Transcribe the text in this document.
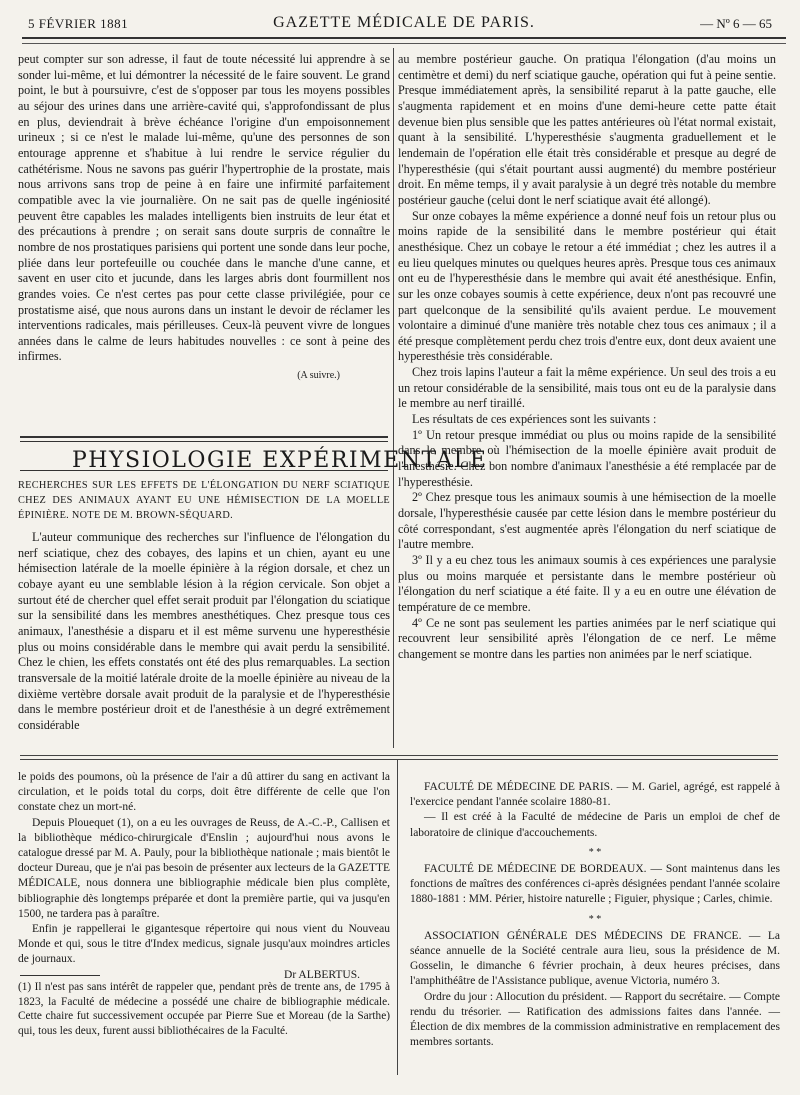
5 FÉVRIER 1881	GAZETTE MÉDICALE DE PARIS.	— Nº 6 — 65

peut compter sur son adresse, il faut de toute nécessité lui apprendre à se sonder lui-même, et lui démontrer la nécessité de le faire souvent. Le grand point, le but à poursuivre, c'est de s'opposer par tous les moyens possibles au séjour des urines dans une arrière-cavité qui, s'approfondissant de plus en plus, deviendrait à brève échéance l'origine d'un empoisonnement urineux ; si ce n'est le malade lui-même, qu'une des personnes de son entourage apprenne et s'habitue à lui rendre le service régulier du cathétérisme. Nous ne savons pas guérir l'hypertrophie de la prostate, mais nous arrivons sans trop de peine à en faire une infirmité parfaitement compatible avec la vie journalière. On ne sait pas de quelle ingéniosité peuvent être capables les malades intelligents bien instruits de leur état et des précautions à prendre ; on serait sans doute surpris de connaître le nombre de nos prostatiques parisiens qui portent une sonde dans leur poche, pliée dans leur portefeuille ou couchée dans le manche d'une canne, et savent en user cito et jucunde, dans les larges abris dont fourmillent nos grandes voies. Ce n'est certes pas pour cette classe privilégiée, pour ce prostatisme aisé, que nous aurons dans un instant le devoir de réclamer les interventions radicales, mais périlleuses. Ceux-là peuvent vivre de longues années dans le calme de leurs habitudes nouvelles : ce sont à peine des infirmes.

(A suivre.)

PHYSIOLOGIE EXPÉRIMENTALE
RECHERCHES SUR LES EFFETS DE L'ÉLONGATION DU NERF SCIATIQUE CHEZ DES ANIMAUX AYANT EU UNE HÉMISECTION DE LA MOELLE ÉPINIÈRE. NOTE DE M. BROWN-SÉQUARD.

L'auteur communique des recherches sur l'influence de l'élongation du nerf sciatique, chez des cobayes, des lapins et un chien, ayant eu une hémisection latérale de la moelle épinière à la région dorsale, et chez un cobaye ayant eu une semblable lésion à la région cervicale. Son objet a surtout été de chercher quel effet serait produit par l'élongation du sciatique sur la sensibilité dans les membres anesthétiques. Chez presque tous ces animaux, l'anesthésie a disparu et il est même survenu une hyperesthésie plus ou moins considérable dans le membre qui avait perdu la sensibilité. Chez le chien, les effets constatés ont été des plus remarquables. La section transversale de la moitié latérale droite de la moelle épinière au niveau de la dixième vertèbre dorsale avait produit de la paralysie et de l'hyperesthésie dans le membre postérieur droit et de l'anesthésie à un degré extrêmement considérable

au membre postérieur gauche. On pratiqua l'élongation (d'au moins un centimètre et demi) du nerf sciatique gauche, opération qui fut à peine sentie. Presque immédiatement après, la sensibilité reparut à la patte gauche, elle s'augmenta rapidement et en moins d'une demi-heure cette patte était devenue bien plus sensible que les pattes antérieures où l'état normal existait, quant à la sensibilité. L'hyperesthésie s'augmenta graduellement et le lendemain de l'opération elle était très considérable et presque au degré de l'hyperesthésie (qui s'était pourtant aussi augmenté) du membre postérieur droit. En même temps, il y avait paralysie à un degré très notable du membre postérieur gauche (celui dont le nerf sciatique avait été allongé).

Sur onze cobayes la même expérience a donné neuf fois un retour plus ou moins rapide de la sensibilité dans le membre postérieur qui était anesthésique. Chez un cobaye le retour a été immédiat ; chez les autres il a eu lieu quelques minutes ou quelques heures après. Presque tous ces animaux ont eu de l'hyperesthésie dans le membre qui avait été anesthésique. Enfin, sur les onze cobayes soumis à cette expérience, deux n'ont pas recouvré une part quelconque de la sensibilité qu'ils avaient perdue. Le mouvement volontaire a diminué d'une manière très notable chez tous ces animaux ; il a été presque complètement perdu chez trois d'entre eux, dont deux avaient une hyperesthésie très considérable.

Chez trois lapins l'auteur a fait la même expérience. Un seul des trois a eu un retour considérable de la sensibilité, mais tous ont eu de la paralysie dans le membre au nerf tiraillé.

Les résultats de ces expériences sont les suivants :

1º Un retour presque immédiat ou plus ou moins rapide de la sensibilité dans le membre où l'hémisection de la moelle épinière avait produit de l'anesthésie. Chez bon nombre d'animaux l'anesthésie a été remplacée par de l'hyperesthésie.

2º Chez presque tous les animaux soumis à une hémisection de la moelle dorsale, l'hyperesthésie causée par cette lésion dans le membre postérieur du côté correspondant, s'est augmentée après l'élongation du nerf sciatique de l'autre membre.

3º Il y a eu chez tous les animaux soumis à ces expériences une paralysie plus ou moins marquée et persistante dans le membre postérieur où l'élongation du nerf sciatique a été faite. Il y a eu en outre une élévation de température de ce membre.

4º Ce ne sont pas seulement les parties animées par le nerf sciatique qui recouvrent leur sensibilité après l'élongation de ce nerf. Le même changement se montre dans les parties non animées par le nerf sciatique.

le poids des poumons, où la présence de l'air a dû attirer du sang en activant la circulation, et le poids total du corps, doit être différente de celle que l'on constate chez un mort-né.

Depuis Plouequet (1), on a eu les ouvrages de Reuss, de A.-C.-P., Callisen et la bibliothèque médico-chirurgicale d'Enslin ; aujourd'hui nous avons le catalogue dressé par M. A. Pauly, pour la bibliothèque nationale ; mais bientôt le docteur Dureau, que je n'ai pas besoin de présenter aux lecteurs de la GAZETTE MÉDICALE, nous donnera une bibliographie médicale bien plus complète, bibliographie dès longtemps préparée et dont la première partie, qui va jusqu'en 1500, ne tardera pas à paraître.

Enfin je rappellerai le gigantesque répertoire qui nous vient du Nouveau Monde et qui, sous le titre d'Index medicus, signale jusqu'aux moindres articles de journaux.

Dr ALBERTUS.

(1) Il n'est pas sans intérêt de rappeler que, pendant près de trente ans, de 1795 à 1823, la Faculté de médecine a possédé une chaire de bibliographie médicale. Cette chaire fut successivement occupée par Pierre Sue et Moreau (de la Sarthe) qui, tous les deux, furent aussi bibliothécaires de la Faculté.

FACULTÉ DE MÉDECINE DE PARIS. — M. Gariel, agrégé, est rappelé à l'exercice pendant l'année scolaire 1880-81.

— Il est créé à la Faculté de médecine de Paris un emploi de chef de laboratoire de clinique d'accouchements.

* *

FACULTÉ DE MÉDECINE DE BORDEAUX. — Sont maintenus dans les fonctions de maîtres des conférences ci-après désignées pendant l'année scolaire 1880-1881 : MM. Périer, histoire naturelle ; Figuier, physique ; Carles, chimie.

* *

ASSOCIATION GÉNÉRALE DES MÉDECINS DE FRANCE. — La séance annuelle de la Société centrale aura lieu, sous la présidence de M. Gosselin, le dimanche 6 février prochain, à deux heures précises, dans l'amphithéâtre de l'Assistance publique, avenue Victoria, numéro 3.

Ordre du jour : Allocution du président. — Rapport du secrétaire. — Compte rendu du trésorier. — Ratification des admissions faites dans l'année. — Élection de dix membres de la commission administrative en remplacement des membres sortants.
